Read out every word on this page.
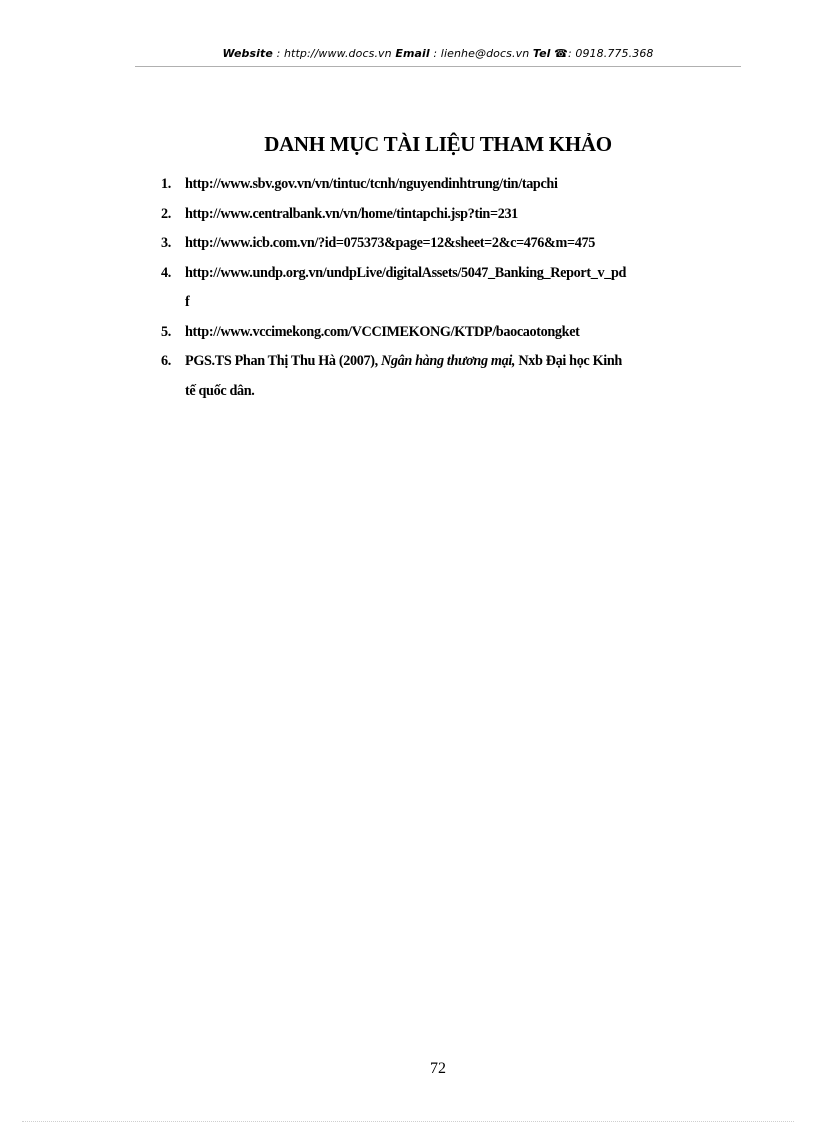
Website : http://www.docs.vn Email : lienhe@docs.vn Tel ☎: 0918.775.368
DANH MỤC TÀI LIỆU THAM KHẢO
1. http://www.sbv.gov.vn/vn/tintuc/tcnh/nguyendinhtrung/tin/tapchi
2. http://www.centralbank.vn/vn/home/tintapchi.jsp?tin=231
3. http://www.icb.com.vn/?id=075373&page=12&sheet=2&c=476&m=475
4. http://www.undp.org.vn/undpLive/digitalAssets/5047_Banking_Report_v_pd
f
5. http://www.vccimekong.com/VCCIMEKONG/KTDP/baocaotongket
6. PGS.TS Phan Thị Thu Hà (2007), Ngân hàng thương mại, Nxb Đại học Kinh
tế quốc dân.
72
